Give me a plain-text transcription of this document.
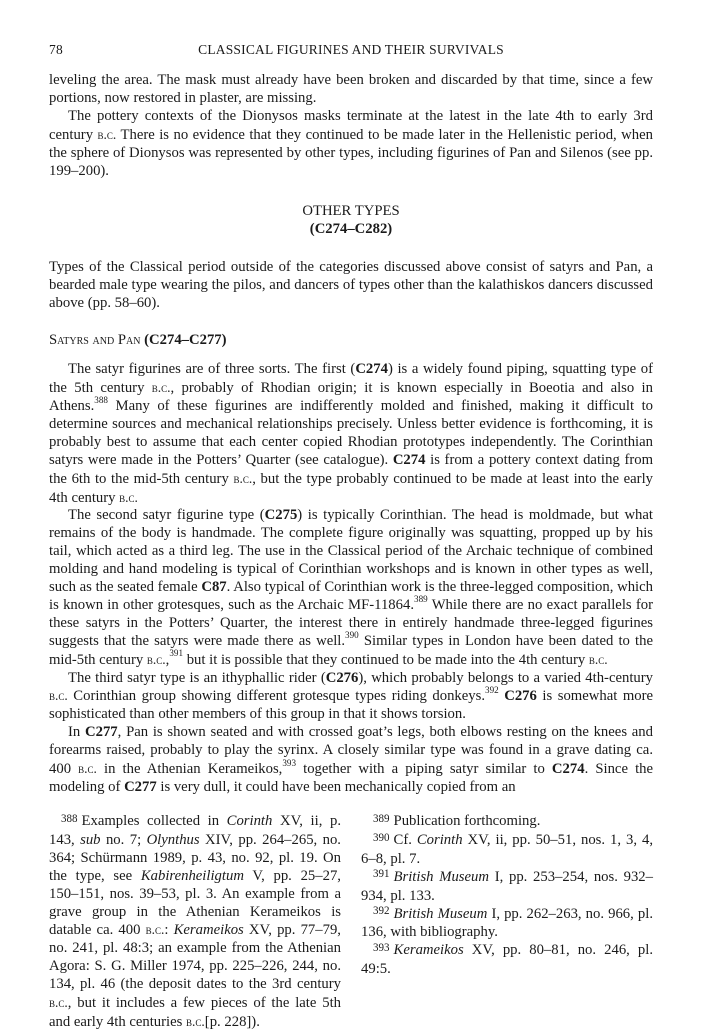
78	CLASSICAL FIGURINES AND THEIR SURVIVALS

leveling the area. The mask must already have been broken and discarded by that time, since a few portions, now restored in plaster, are missing.

The pottery contexts of the Dionysos masks terminate at the latest in the late 4th to early 3rd century b.c. There is no evidence that they continued to be made later in the Hellenistic period, when the sphere of Dionysos was represented by other types, including figurines of Pan and Silenos (see pp. 199–200).

OTHER TYPES
(C274–C282)

Types of the Classical period outside of the categories discussed above consist of satyrs and Pan, a bearded male type wearing the pilos, and dancers of types other than the kalathiskos dancers discussed above (pp. 58–60).

Satyrs and Pan (C274–C277)

The satyr figurines are of three sorts. The first (C274) is a widely found piping, squatting type of the 5th century b.c., probably of Rhodian origin; it is known especially in Boeotia and also in Athens.$^{388}$ Many of these figurines are indifferently molded and finished, making it difficult to determine sources and mechanical relationships precisely. Unless better evidence is forthcoming, it is probably best to assume that each center copied Rhodian prototypes independently. The Corinthian satyrs were made in the Potters’ Quarter (see catalogue). C274 is from a pottery context dating from the 6th to the mid-5th century b.c., but the type probably continued to be made at least into the early 4th century b.c.

The second satyr figurine type (C275) is typically Corinthian. The head is moldmade, but what remains of the body is handmade. The complete figure originally was squatting, propped up by his tail, which acted as a third leg. The use in the Classical period of the Archaic technique of combined molding and hand modeling is typical of Corinthian workshops and is known in other types as well, such as the seated female C87. Also typical of Corinthian work is the three-legged composition, which is known in other grotesques, such as the Archaic MF-11864.$^{389}$ While there are no exact parallels for these satyrs in the Potters’ Quarter, the interest there in entirely handmade three-legged figurines suggests that the satyrs were made there as well.$^{390}$ Similar types in London have been dated to the mid-5th century b.c.,$^{391}$ but it is possible that they continued to be made into the 4th century b.c.

The third satyr type is an ithyphallic rider (C276), which probably belongs to a varied 4th-century b.c. Corinthian group showing different grotesque types riding donkeys.$^{392}$ C276 is somewhat more sophisticated than other members of this group in that it shows torsion.

In C277, Pan is shown seated and with crossed goat’s legs, both elbows resting on the knees and forearms raised, probably to play the syrinx. A closely similar type was found in a grave dating ca. 400 b.c. in the Athenian Kerameikos,$^{393}$ together with a piping satyr similar to C274. Since the modeling of C277 is very dull, it could have been mechanically copied from an

$^{388}$ Examples collected in Corinth XV, ii, p. 143, sub no. 7; Olynthus XIV, pp. 264–265, no. 364; Schürmann 1989, p. 43, no. 92, pl. 19. On the type, see Kabirenheiligtum V, pp. 25–27, 150–151, nos. 39–53, pl. 3. An example from a grave group in the Athenian Kerameikos is datable ca. 400 b.c.: Kerameikos XV, pp. 77–79, no. 241, pl. 48:3; an example from the Athenian Agora: S. G. Miller 1974, pp. 225–226, 244, no. 134, pl. 46 (the deposit dates to the 3rd century b.c., but it includes a few pieces of the late 5th and early 4th centuries b.c.[p. 228]).

$^{389}$ Publication forthcoming.

$^{390}$ Cf. Corinth XV, ii, pp. 50–51, nos. 1, 3, 4, 6–8, pl. 7.

$^{391}$ British Museum I, pp. 253–254, nos. 932–934, pl. 133.

$^{392}$ British Museum I, pp. 262–263, no. 966, pl. 136, with bibliography.

$^{393}$ Kerameikos XV, pp. 80–81, no. 246, pl. 49:5.
